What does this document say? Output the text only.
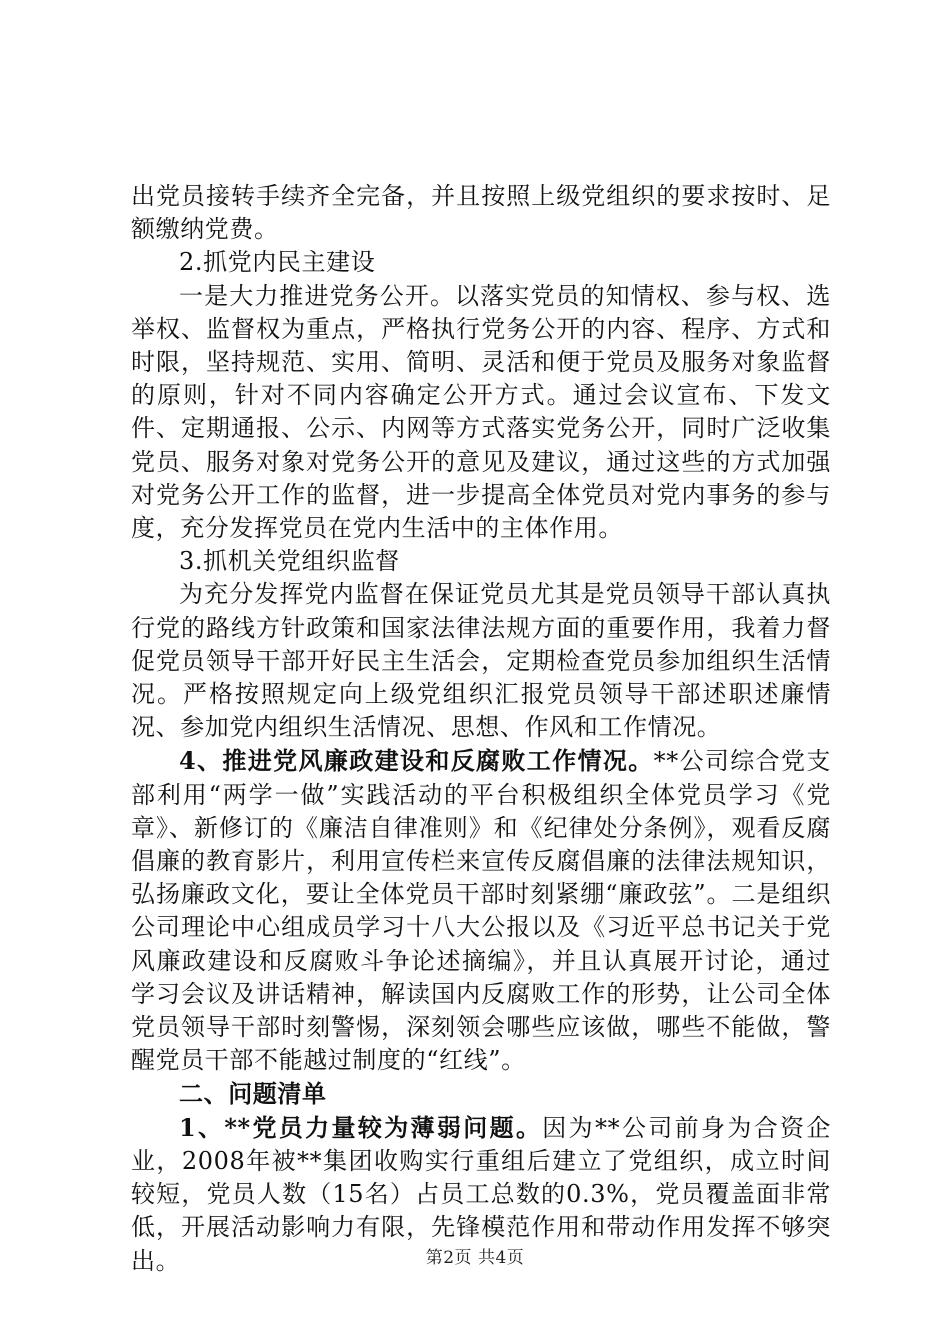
出党员接转手续齐全完备，并且按照上级党组织的要求按时、足额缴纳党费。

2.抓党内民主建设

一是大力推进党务公开。以落实党员的知情权、参与权、选举权、监督权为重点，严格执行党务公开的内容、程序、方式和时限，坚持规范、实用、简明、灵活和便于党员及服务对象监督的原则，针对不同内容确定公开方式。通过会议宣布、下发文件、定期通报、公示、内网等方式落实党务公开，同时广泛收集党员、服务对象对党务公开的意见及建议，通过这些的方式加强对党务公开工作的监督，进一步提高全体党员对党内事务的参与度，充分发挥党员在党内生活中的主体作用。

3.抓机关党组织监督

为充分发挥党内监督在保证党员尤其是党员领导干部认真执行党的路线方针政策和国家法律法规方面的重要作用，我着力督促党员领导干部开好民主生活会，定期检查党员参加组织生活情况。严格按照规定向上级党组织汇报党员领导干部述职述廉情况、参加党内组织生活情况、思想、作风和工作情况。

4、推进党风廉政建设和反腐败工作情况。**公司综合党支部利用“两学一做”实践活动的平台积极组织全体党员学习《党章》、新修订的《廉洁自律准则》和《纪律处分条例》，观看反腐倡廉的教育影片，利用宣传栏来宣传反腐倡廉的法律法规知识，弘扬廉政文化，要让全体党员干部时刻紧绷“廉政弦”。二是组织公司理论中心组成员学习十八大公报以及《习近平总书记关于党风廉政建设和反腐败斗争论述摘编》，并且认真展开讨论，通过学习会议及讲话精神，解读国内反腐败工作的形势，让公司全体党员领导干部时刻警惕，深刻领会哪些应该做，哪些不能做，警醒党员干部不能越过制度的“红线”。

二、问题清单

1、**党员力量较为薄弱问题。因为**公司前身为合资企业，2008年被**集团收购实行重组后建立了党组织，成立时间较短，党员人数（15名）占员工总数的0.3%，党员覆盖面非常低，开展活动影响力有限，先锋模范作用和带动作用发挥不够突出。	第2页 共4页
